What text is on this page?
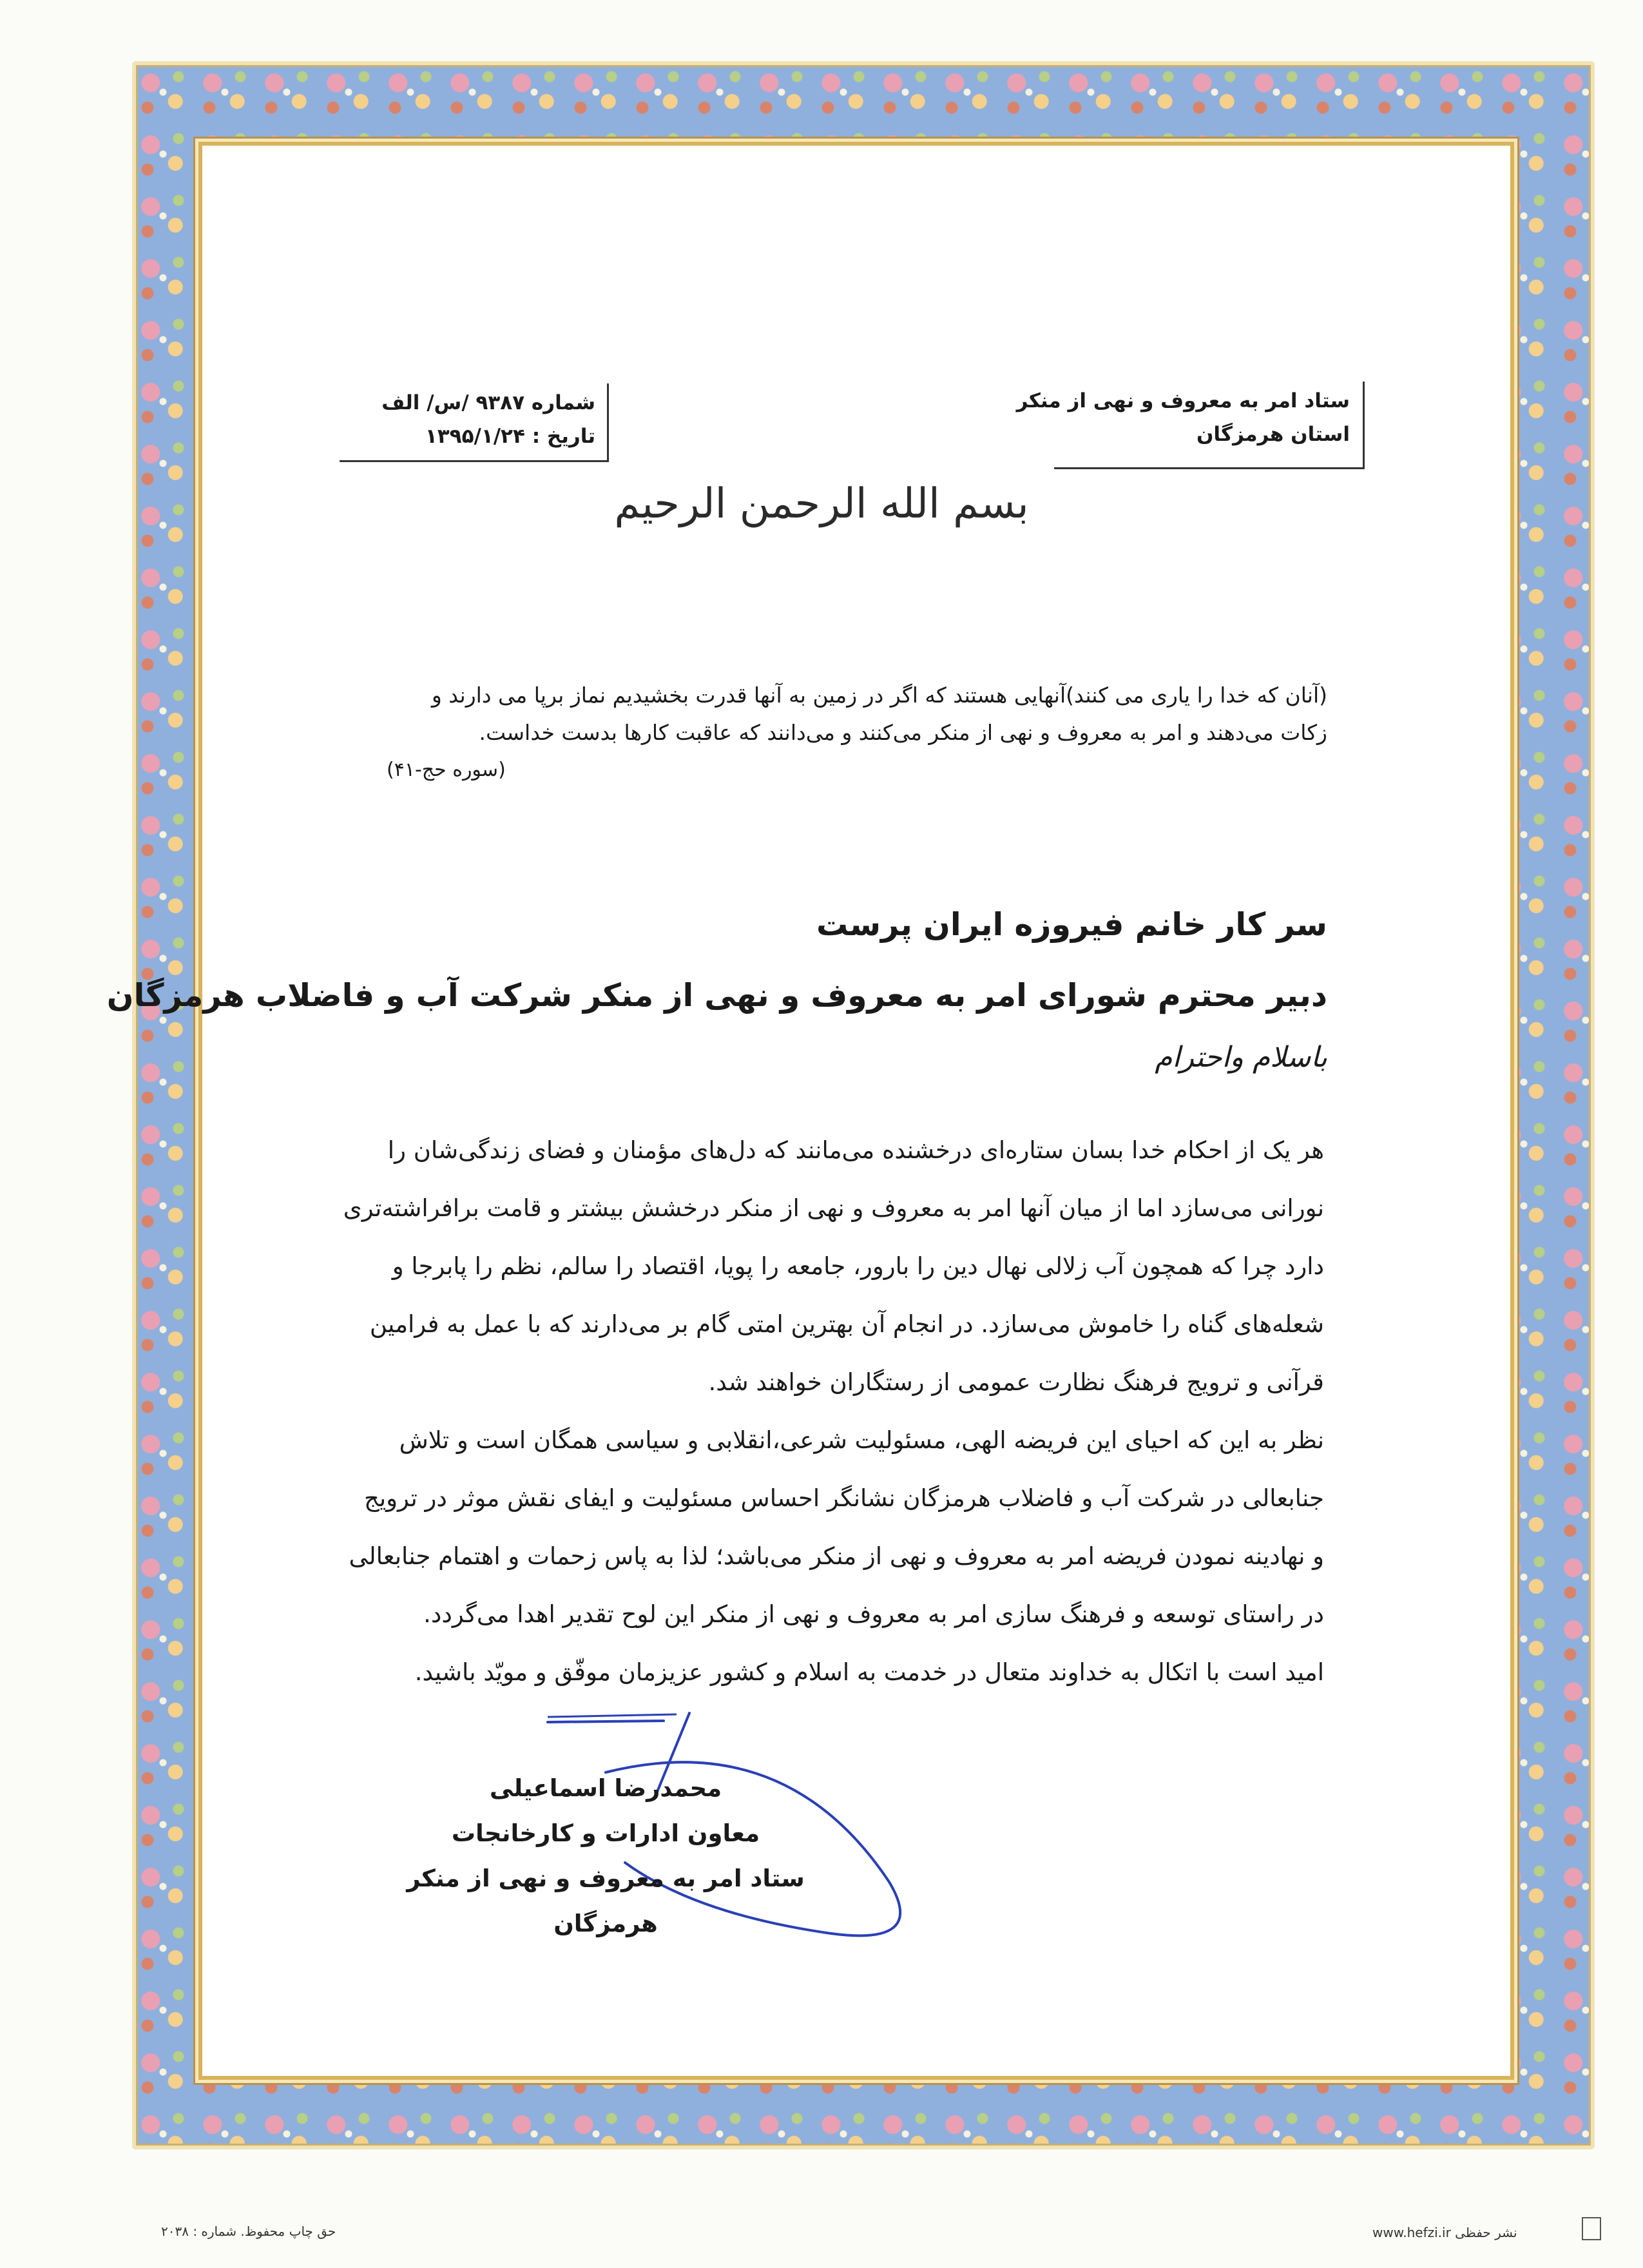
ستاد امر به معروف و نهی از منکر
استان هرمزگان
شماره ۹۳۸۷ /س/ الف
تاریخ : ۱۳۹۵/۱/۲۴
بسم الله الرحمن الرحیم
(آنان که خدا را یاری می کنند)آنهایی هستند که اگر در زمین به آنها قدرت بخشیدیم نماز برپا می دارند و
زکات می‌دهند و امر به معروف و نهی از منکر می‌کنند و می‌دانند که عاقبت کارها بدست خداست.
(سوره حج-۴۱)
سر کار خانم فیروزه ایران پرست
دبیر محترم شورای امر به معروف و نهی از منکر شرکت آب و فاضلاب هرمزگان
باسلام واحترام
هر یک از احکام خدا بسان ستاره‌ای درخشنده می‌مانند که دل‌های مؤمنان و فضای زندگی‌شان را
نورانی می‌سازد اما از میان آنها امر به معروف و نهی از منکر درخشش بیشتر و قامت برافراشته‌تری
دارد چرا که همچون آب زلالی نهال دین را بارور، جامعه را پویا، اقتصاد را سالم، نظم را پابرجا و
شعله‌های گناه را خاموش می‌سازد. در انجام آن بهترین امتی گام بر می‌دارند که با عمل به فرامین
قرآنی و ترویج فرهنگ نظارت عمومی از رستگاران خواهند شد.
نظر به این که احیای این فریضه الهی، مسئولیت شرعی،انقلابی و سیاسی همگان است و تلاش
جنابعالی در شرکت آب و فاضلاب هرمزگان نشانگر احساس مسئولیت و ایفای نقش موثر در ترویج
و نهادینه نمودن فریضه امر به معروف و نهی از منکر می‌باشد؛ لذا به پاس زحمات و اهتمام جنابعالی
در راستای توسعه و فرهنگ سازی امر به معروف و نهی از منکر این لوح تقدیر اهدا می‌گردد.
امید است با اتکال به خداوند متعال در خدمت به اسلام و کشور عزیزمان موفّق و مویّد باشید.
محمدرضا اسماعیلی
معاون ادارات و کارخانجات
ستاد امر به معروف و نهی از منکر هرمزگان
حق چاپ محفوظ. شماره : ۲۰۳۸	www.hefzi.ir نشر حفظی
